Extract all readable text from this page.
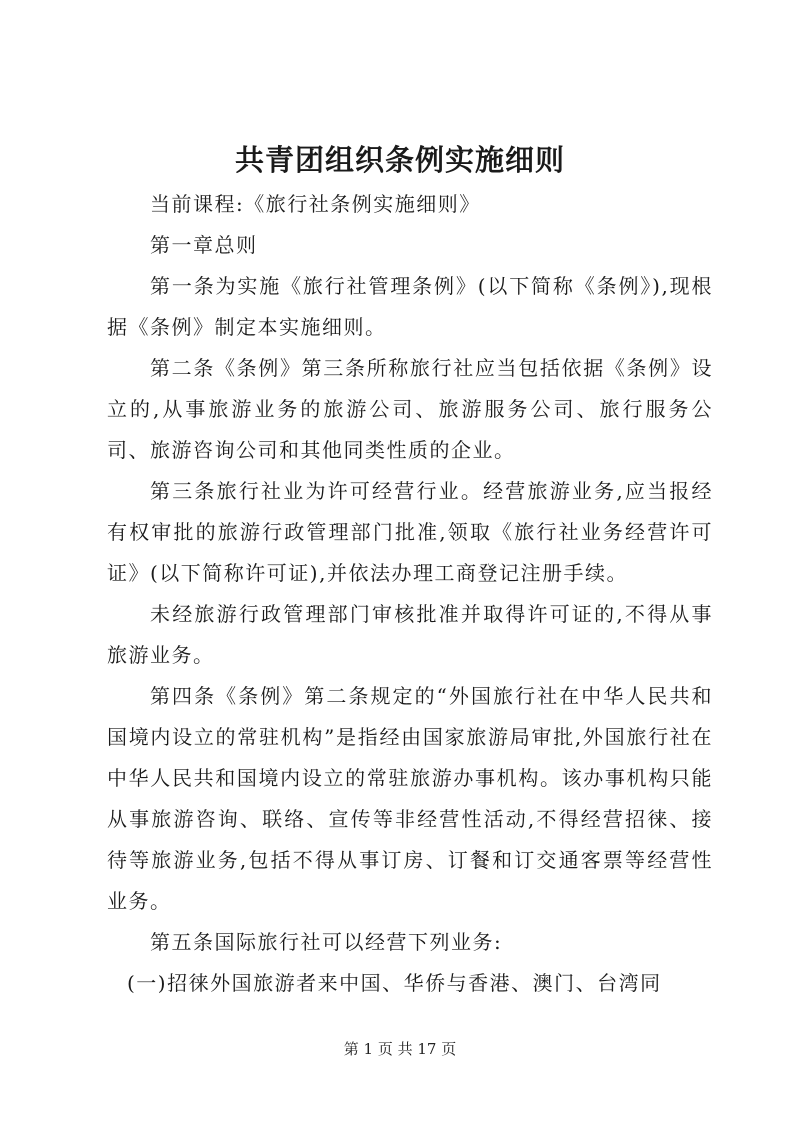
共青团组织条例实施细则

当前课程:《旅行社条例实施细则》

第一章总则

第一条为实施《旅行社管理条例》(以下简称《条例》),现根据《条例》制定本实施细则。

第二条《条例》第三条所称旅行社应当包括依据《条例》设立的,从事旅游业务的旅游公司、旅游服务公司、旅行服务公司、旅游咨询公司和其他同类性质的企业。

第三条旅行社业为许可经营行业。经营旅游业务,应当报经有权审批的旅游行政管理部门批准,领取《旅行社业务经营许可证》(以下简称许可证),并依法办理工商登记注册手续。

未经旅游行政管理部门审核批准并取得许可证的,不得从事旅游业务。

第四条《条例》第二条规定的“外国旅行社在中华人民共和国境内设立的常驻机构”是指经由国家旅游局审批,外国旅行社在中华人民共和国境内设立的常驻旅游办事机构。该办事机构只能从事旅游咨询、联络、宣传等非经营性活动,不得经营招徕、接待等旅游业务,包括不得从事订房、订餐和订交通客票等经营性业务。

第五条国际旅行社可以经营下列业务:

(一)招徕外国旅游者来中国、华侨与香港、澳门、台湾同

第 1 页 共 17 页
